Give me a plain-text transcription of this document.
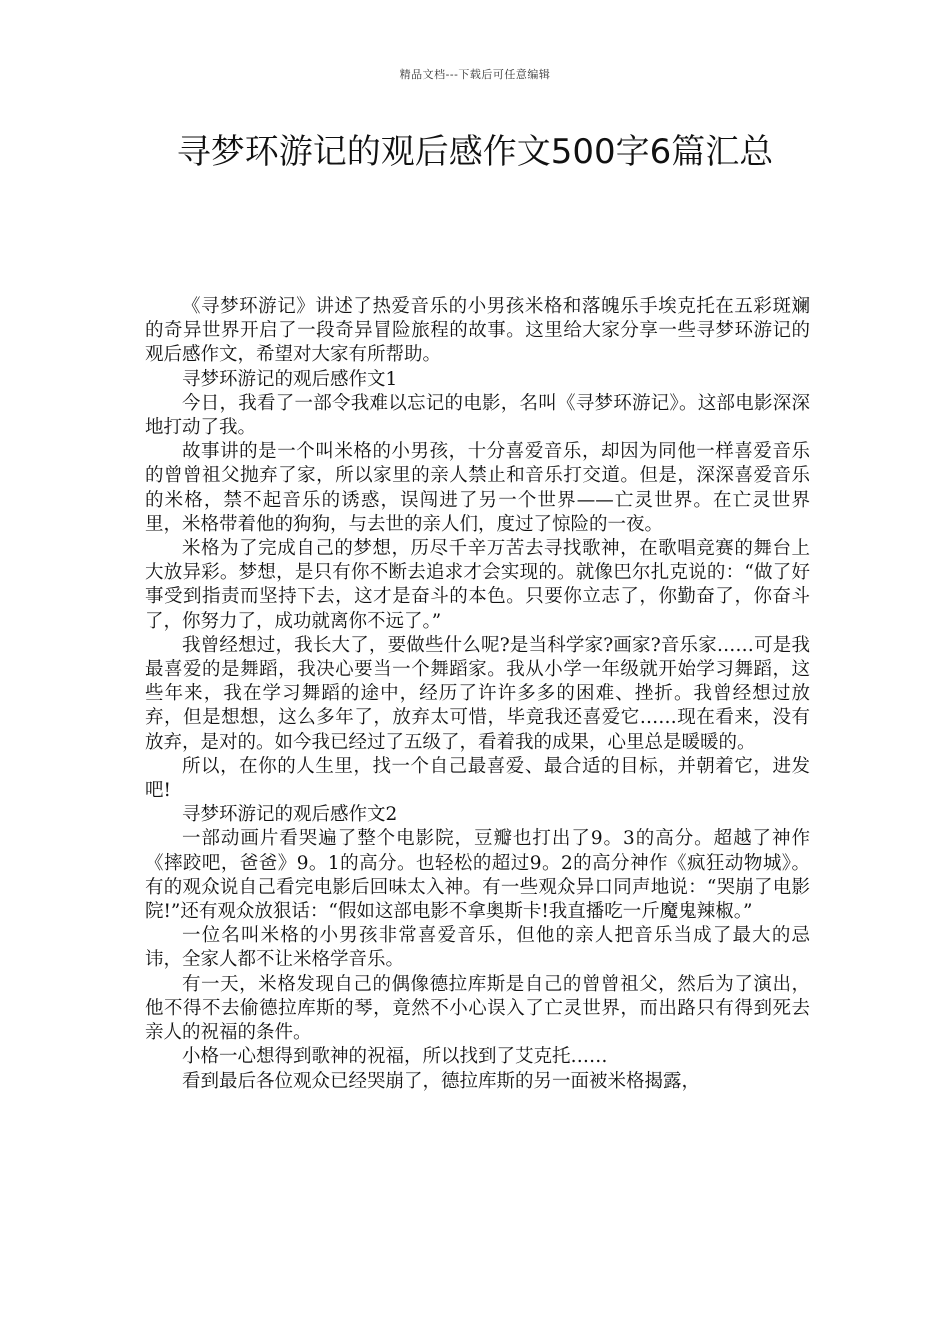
精品文档---下载后可任意编辑
寻梦环游记的观后感作文500字6篇汇总

《寻梦环游记》讲述了热爱音乐的小男孩米格和落魄乐手埃克托在五彩斑斓的奇异世界开启了一段奇异冒险旅程的故事。这里给大家分享一些寻梦环游记的观后感作文，希望对大家有所帮助。

寻梦环游记的观后感作文1

今日，我看了一部令我难以忘记的电影，名叫《寻梦环游记》。这部电影深深地打动了我。

故事讲的是一个叫米格的小男孩，十分喜爱音乐，却因为同他一样喜爱音乐的曾曾祖父抛弃了家，所以家里的亲人禁止和音乐打交道。但是，深深喜爱音乐的米格，禁不起音乐的诱惑，误闯进了另一个世界——亡灵世界。在亡灵世界里，米格带着他的狗狗，与去世的亲人们，度过了惊险的一夜。

米格为了完成自己的梦想，历尽千辛万苦去寻找歌神，在歌唱竞赛的舞台上大放异彩。梦想，是只有你不断去追求才会实现的。就像巴尔扎克说的：“做了好事受到指责而坚持下去，这才是奋斗的本色。只要你立志了，你勤奋了，你奋斗了，你努力了，成功就离你不远了。”

我曾经想过，我长大了，要做些什么呢?是当科学家?画家?音乐家……可是我最喜爱的是舞蹈，我决心要当一个舞蹈家。我从小学一年级就开始学习舞蹈，这些年来，我在学习舞蹈的途中，经历了许许多多的困难、挫折。我曾经想过放弃，但是想想，这么多年了，放弃太可惜，毕竟我还喜爱它……现在看来，没有放弃，是对的。如今我已经过了五级了，看着我的成果，心里总是暖暖的。

所以，在你的人生里，找一个自己最喜爱、最合适的目标，并朝着它，进发吧!

寻梦环游记的观后感作文2

一部动画片看哭遍了整个电影院，豆瓣也打出了9。3的高分。超越了神作《摔跤吧，爸爸》9。1的高分。也轻松的超过9。2的高分神作《疯狂动物城》。有的观众说自己看完电影后回味太入神。有一些观众异口同声地说：“哭崩了电影院!”还有观众放狠话：“假如这部电影不拿奥斯卡!我直播吃一斤魔鬼辣椒。”

一位名叫米格的小男孩非常喜爱音乐，但他的亲人把音乐当成了最大的忌讳，全家人都不让米格学音乐。

有一天，米格发现自己的偶像德拉库斯是自己的曾曾祖父，然后为了演出，他不得不去偷德拉库斯的琴，竟然不小心误入了亡灵世界，而出路只有得到死去亲人的祝福的条件。

小格一心想得到歌神的祝福，所以找到了艾克托……

看到最后各位观众已经哭崩了，德拉库斯的另一面被米格揭露，
